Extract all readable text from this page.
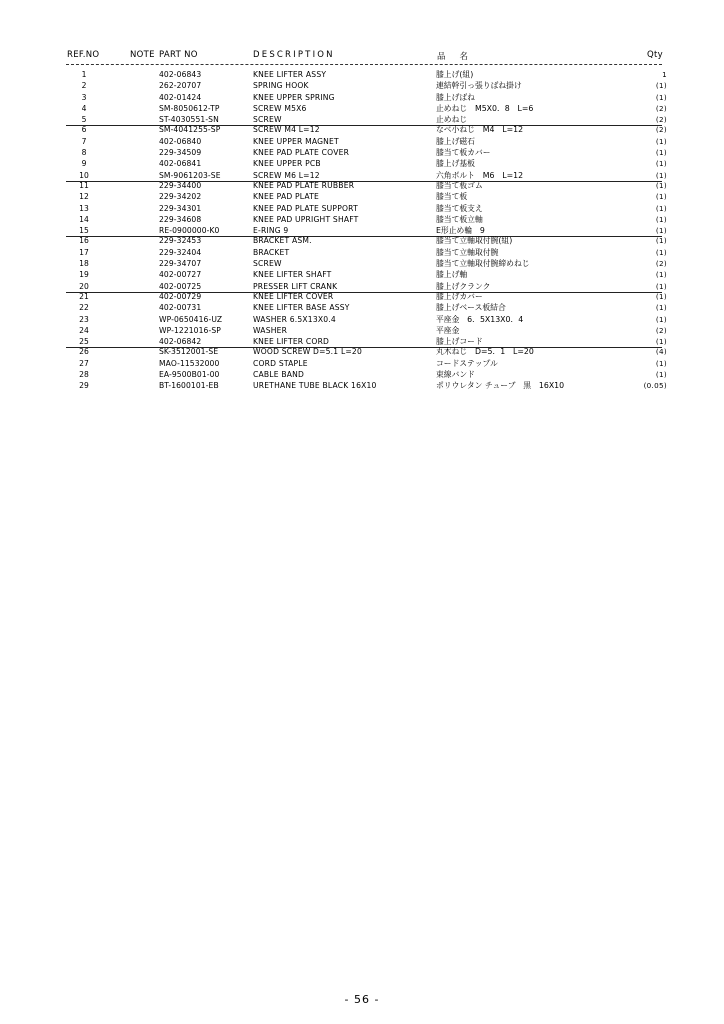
REF.NO	NOTE PART NO	DESCRIPTION	品名	Qty
1	402-06843	KNEE LIFTER ASSY	膝上げ(組)	1
2	262-20707	SPRING HOOK	連結幹引っ張りばね掛け	(1)
3	402-01424	KNEE UPPER SPRING	膝上げばね	(1)
4	SM-8050612-TP	SCREW M5X6	止めねじ　M5X0．8　L=6	(2)
5	ST-4030551-SN	SCREW	止めねじ	(2)
6	SM-4041255-SP	SCREW M4 L=12	なべ小ねじ　M4　L=12	(2)
7	402-06840	KNEE UPPER MAGNET	膝上げ磁石	(1)
8	229-34509	KNEE PAD PLATE COVER	膝当て板カバー	(1)
9	402-06841	KNEE UPPER PCB	膝上げ基板	(1)
10	SM-9061203-SE	SCREW M6 L=12	六角ボルト　M6　L=12	(1)
11	229-34400	KNEE PAD PLATE RUBBER	膝当て板ゴム	(1)
12	229-34202	KNEE PAD PLATE	膝当て板	(1)
13	229-34301	KNEE PAD PLATE SUPPORT	膝当て板支え	(1)
14	229-34608	KNEE PAD UPRIGHT SHAFT	膝当て板立軸	(1)
15	RE-0900000-K0	E-RING 9	E形止め輪　9	(1)
16	229-32453	BRACKET ASM.	膝当て立軸取付腕(組)	(1)
17	229-32404	BRACKET	膝当て立軸取付腕	(1)
18	229-34707	SCREW	膝当て立軸取付腕締めねじ	(2)
19	402-00727	KNEE LIFTER SHAFT	膝上げ軸	(1)
20	402-00725	PRESSER LIFT CRANK	膝上げクランク	(1)
21	402-00729	KNEE LIFTER COVER	膝上げカバー	(1)
22	402-00731	KNEE LIFTER BASE ASSY	膝上げベース板結合	(1)
23	WP-0650416-UZ	WASHER 6.5X13X0.4	平座金　6．5X13X0．4	(1)
24	WP-1221016-SP	WASHER	平座金	(2)
25	402-06842	KNEE LIFTER CORD	膝上げコード	(1)
26	SK-3512001-SE	WOOD SCREW D=5.1 L=20	丸木ねじ　D=5．1　L=20	(4)
27	MAO-11532000	CORD STAPLE	コードステップル	(1)
28	EA-9500B01-00	CABLE BAND	束線バンド	(1)
29	BT-1600101-EB	URETHANE TUBE BLACK 16X10	ポリウレタン チューブ　黒　16X10	(0.05)
- 56 -
